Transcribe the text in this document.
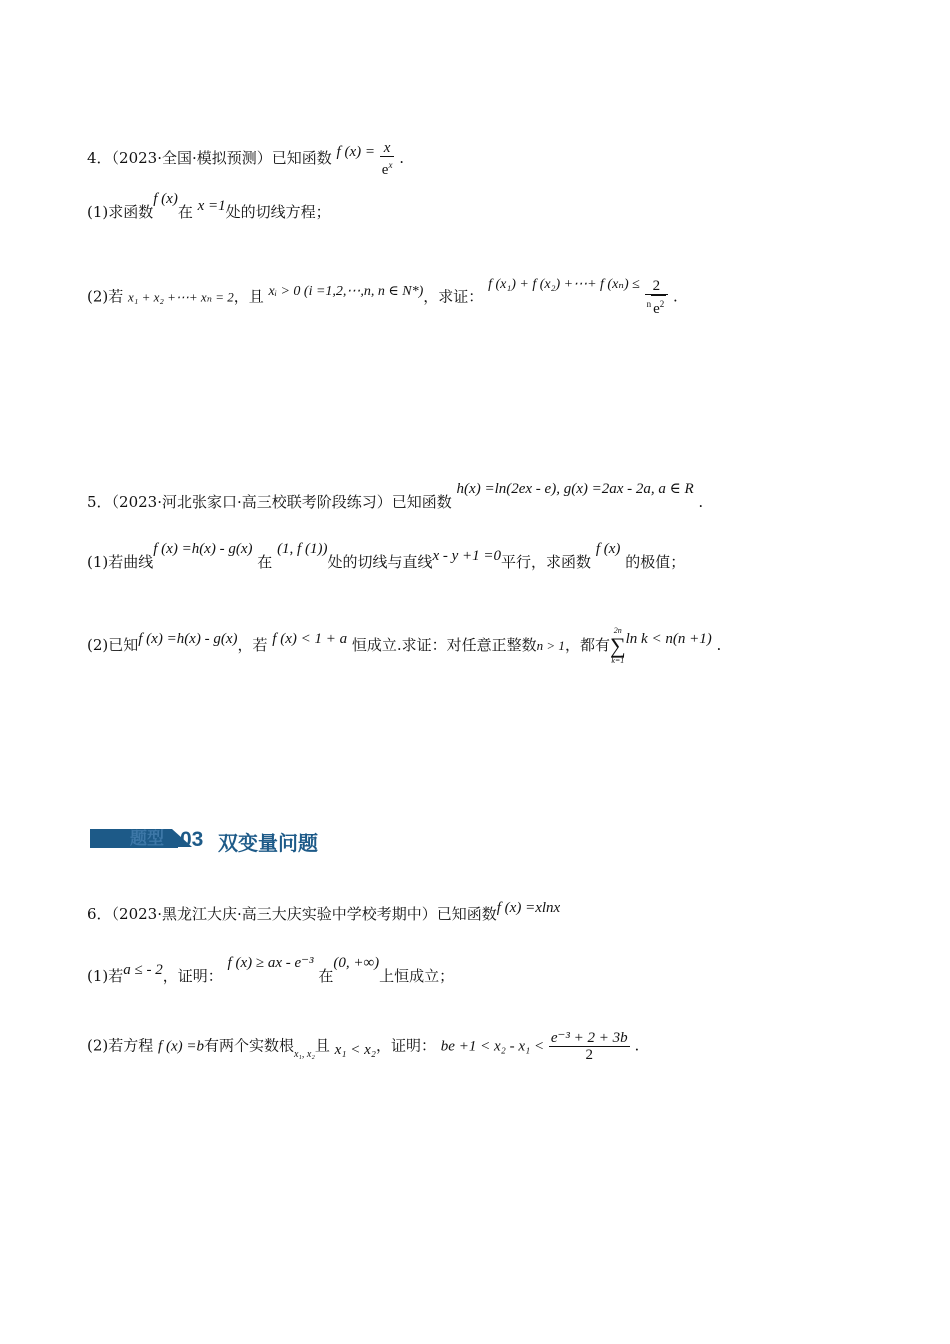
4．（2023·全国·模拟预测）已知函数 f $(x) = \frac{x}{e^x}$ .
(1)求函数f (x)在 x =1处的切线方程；
(2)若 x₁ + x₂ +⋯+ xₙ = 2，且 xᵢ > 0 (i =1,2,⋯,n, n ∈ N*)，求证： f (x₁) + f (x₂) +⋯+ f $(x_n) \le \frac{2}{^n e^2}$ .
5．（2023·河北张家口·高三校联考阶段练习）已知函数 h(x) =ln(2ex - e), g(x) =2ax - 2a, a ∈ R .
(1)若曲线f (x) =h(x) - g(x) 在 (1, f (1))处的切线与直线x - y +1 =0平行，求函数 f (x) 的极值；
(2)已知f (x) =h(x) - g(x)，若 f (x) < 1 + a 恒成立.求证：对任意正整数n > 1，都有
2n
∑
k=1
ln k < n(n +1) .
题型 03 双变量问题
6．（2023·黑龙江大庆·高三大庆实验中学校考期中）已知函数f (x) =xlnx
(1)若a ≤ - 2，证明： f (x) ≥ ax - e⁻³ 在(0, +∞)上恒成立；
(2)若方程 f (x) =b有两个实数根$_{x_1, x_2}$且 x₁ < x₂，证明： be $+1 < x_2 - x_1 < \frac{\text{e⁻³ + 2 + 3b}}{2}$ .
